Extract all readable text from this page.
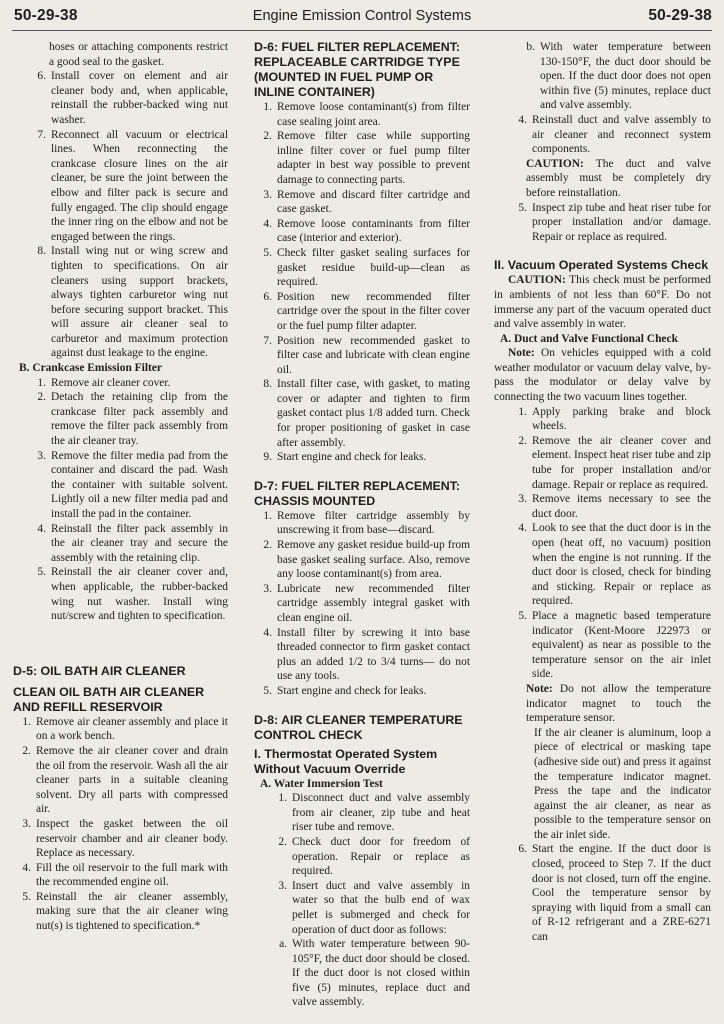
50-29-38	Engine Emission Control Systems	50-29-38

hoses or attaching components restrict a good seal to the gasket.

6. Install cover on element and air cleaner body and, when applicable, reinstall the rubber-backed wing nut washer.
7. Reconnect all vacuum or electrical lines. When reconnecting the crankcase closure lines on the air cleaner, be sure the joint between the elbow and filter pack is secure and fully engaged. The clip should engage the inner ring on the elbow and not be engaged between the rings.
8. Install wing nut or wing screw and tighten to specifications. On air cleaners using support brackets, always tighten carburetor wing nut before securing support bracket. This will assure air cleaner seal to carburetor and maximum protection against dust leakage to the engine.

B. Crankcase Emission Filter

1. Remove air cleaner cover.
2. Detach the retaining clip from the crankcase filter pack assembly and remove the filter pack assembly from the air cleaner tray.
3. Remove the filter media pad from the container and discard the pad. Wash the container with suitable solvent. Lightly oil a new filter media pad and install the pad in the container.
4. Reinstall the filter pack assembly in the air cleaner tray and secure the assembly with the retaining clip.
5. Reinstall the air cleaner cover and, when applicable, the rubber-backed wing nut washer. Install wing nut/screw and tighten to specification.

D-5: OIL BATH AIR CLEANER

CLEAN OIL BATH AIR CLEANER AND REFILL RESERVOIR

1. Remove air cleaner assembly and place it on a work bench.
2. Remove the air cleaner cover and drain the oil from the reservoir. Wash all the air cleaner parts in a suitable cleaning solvent. Dry all parts with compressed air.
3. Inspect the gasket between the oil reservoir chamber and air cleaner body. Replace as necessary.
4. Fill the oil reservoir to the full mark with the recommended engine oil.
5. Reinstall the air cleaner assembly, making sure that the air cleaner wing nut(s) is tightened to specification.*

D-6: FUEL FILTER REPLACEMENT: REPLACEABLE CARTRIDGE TYPE (MOUNTED IN FUEL PUMP OR INLINE CONTAINER)

1. Remove loose contaminant(s) from filter case sealing joint area.
2. Remove filter case while supporting inline filter cover or fuel pump filter adapter in best way possible to prevent damage to connecting parts.
3. Remove and discard filter cartridge and case gasket.
4. Remove loose contaminants from filter case (interior and exterior).
5. Check filter gasket sealing surfaces for gasket residue build-up—clean as required.
6. Position new recommended filter cartridge over the spout in the filter cover or the fuel pump filter adapter.
7. Position new recommended gasket to filter case and lubricate with clean engine oil.
8. Install filter case, with gasket, to mating cover or adapter and tighten to firm gasket contact plus 1/8 added turn. Check for proper positioning of gasket in case after assembly.
9. Start engine and check for leaks.

D-7: FUEL FILTER REPLACEMENT: CHASSIS MOUNTED

1. Remove filter cartridge assembly by unscrewing it from base—discard.
2. Remove any gasket residue build-up from base gasket sealing surface. Also, remove any loose contaminant(s) from area.
3. Lubricate new recommended filter cartridge assembly integral gasket with clean engine oil.
4. Install filter by screwing it into base threaded connector to firm gasket contact plus an added 1/2 to 3/4 turns— do not use any tools.
5. Start engine and check for leaks.

D-8: AIR CLEANER TEMPERATURE CONTROL CHECK

I. Thermostat Operated System Without Vacuum Override

A. Water Immersion Test

1. Disconnect duct and valve assembly from air cleaner, zip tube and heat riser tube and remove.
2. Check duct door for freedom of operation. Repair or replace as required.
3. Insert duct and valve assembly in water so that the bulb end of wax pellet is submerged and check for operation of duct door as follows:
a. With water temperature between 90-105°F, the duct door should be closed. If the duct door is not closed within five (5) minutes, replace duct and valve assembly.
b. With water temperature between 130-150°F, the duct door should be open. If the duct door does not open within five (5) minutes, replace duct and valve assembly.
4. Reinstall duct and valve assembly to air cleaner and reconnect system components.

CAUTION: The duct and valve assembly must be completely dry before reinstallation.

5. Inspect zip tube and heat riser tube for proper installation and/or damage. Repair or replace as required.

II. Vacuum Operated Systems Check

CAUTION: This check must be performed in ambients of not less than 60°F. Do not immerse any part of the vacuum operated duct and valve assembly in water.

A. Duct and Valve Functional Check

Note: On vehicles equipped with a cold weather modulator or vacuum delay valve, by-pass the modulator or delay valve by connecting the two vacuum lines together.

1. Apply parking brake and block wheels.
2. Remove the air cleaner cover and element. Inspect heat riser tube and zip tube for proper installation and/or damage. Repair or replace as required.
3. Remove items necessary to see the duct door.
4. Look to see that the duct door is in the open (heat off, no vacuum) position when the engine is not running. If the duct door is closed, check for binding and sticking. Repair or replace as required.
5. Place a magnetic based temperature indicator (Kent-Moore J22973 or equivalent) as near as possible to the temperature sensor on the air inlet side.

Note: Do not allow the temperature indicator magnet to touch the temperature sensor.

If the air cleaner is aluminum, loop a piece of electrical or masking tape (adhesive side out) and press it against the temperature indicator magnet. Press the tape and the indicator against the air cleaner, as near as possible to the temperature sensor on the air inlet side.

6. Start the engine. If the duct door is closed, proceed to Step 7. If the duct door is not closed, turn off the engine. Cool the temperature sensor by spraying with liquid from a small can of R-12 refrigerant and a ZRE-6271 can
